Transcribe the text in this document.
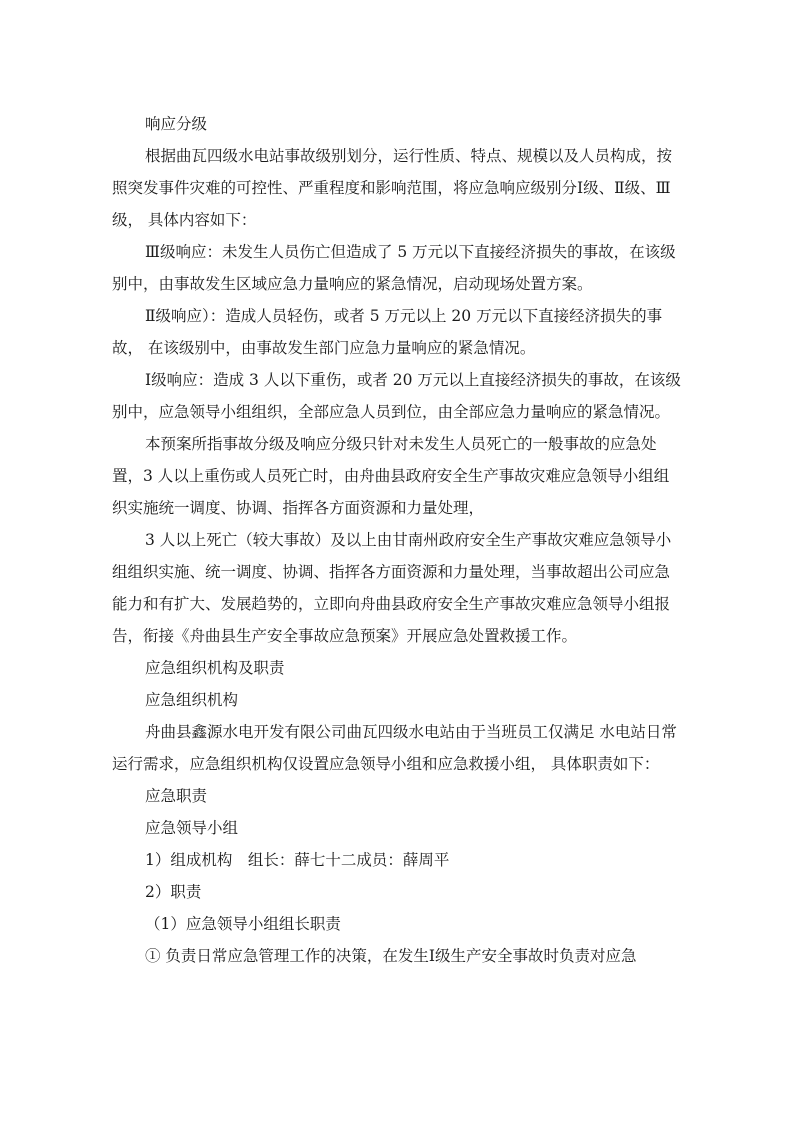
响应分级

根据曲瓦四级水电站事故级别划分，运行性质、特点、规模以及人员构成，按照突发事件灾难的可控性、严重程度和影响范围，将应急响应级别分Ⅰ级、Ⅱ级、Ⅲ级， 具体内容如下：

Ⅲ级响应：未发生人员伤亡但造成了 5 万元以下直接经济损失的事故，在该级别中，由事故发生区域应急力量响应的紧急情况，启动现场处置方案。

Ⅱ级响应）：造成人员轻伤，或者 5 万元以上 20 万元以下直接经济损失的事故， 在该级别中，由事故发生部门应急力量响应的紧急情况。

Ⅰ级响应：造成 3 人以下重伤，或者 20 万元以上直接经济损失的事故，在该级别中，应急领导小组组织，全部应急人员到位，由全部应急力量响应的紧急情况。

本预案所指事故分级及响应分级只针对未发生人员死亡的一般事故的应急处置，3 人以上重伤或人员死亡时，由舟曲县政府安全生产事故灾难应急领导小组组织实施统一调度、协调、指挥各方面资源和力量处理，

3 人以上死亡（较大事故）及以上由甘南州政府安全生产事故灾难应急领导小组组织实施、统一调度、协调、指挥各方面资源和力量处理，当事故超出公司应急能力和有扩大、发展趋势的，立即向舟曲县政府安全生产事故灾难应急领导小组报告，衔接《舟曲县生产安全事故应急预案》开展应急处置救援工作。

应急组织机构及职责

应急组织机构

舟曲县鑫源水电开发有限公司曲瓦四级水电站由于当班员工仅满足 水电站日常运行需求，应急组织机构仅设置应急领导小组和应急救援小组， 具体职责如下：

应急职责

应急领导小组

1）组成机构　组长：薛七十二成员：薛周平

2）职责

（1）应急领导小组组长职责

① 负责日常应急管理工作的决策，在发生Ⅰ级生产安全事故时负责对应急
